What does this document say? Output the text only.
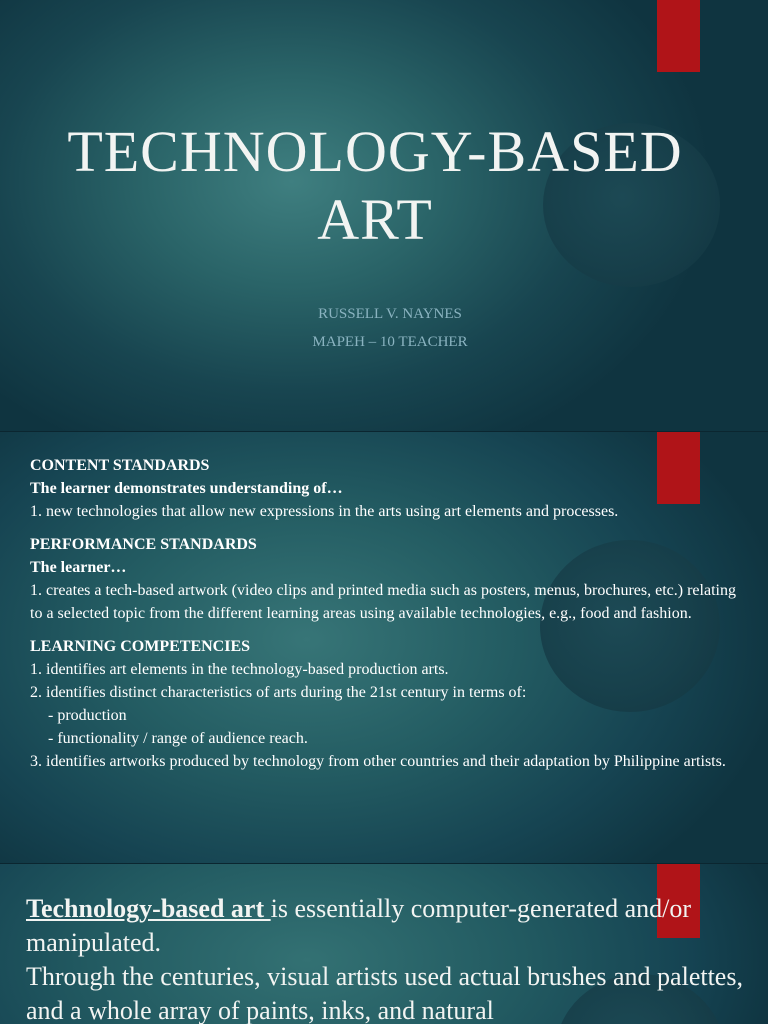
TECHNOLOGY-BASED
ART
RUSSELL V. NAYNES
MAPEH – 10 TEACHER
CONTENT STANDARDS
The learner demonstrates understanding of…
1. new technologies that allow new expressions in the arts using art elements and processes.
PERFORMANCE STANDARDS
The learner…
1. creates a tech-based artwork (video clips and printed media such as posters, menus, brochures, etc.) relating to a selected topic from the different learning areas using available technologies, e.g., food and fashion.
LEARNING COMPETENCIES
1. identifies art elements in the technology-based production arts.
2. identifies distinct characteristics of arts during the 21st century in terms of:
- production
- functionality / range of audience reach.
3. identifies artworks produced by technology from other countries and their adaptation by Philippine artists.
Technology-based art is essentially computer-generated and/or manipulated.
Through the centuries, visual artists used actual brushes and palettes, and a whole array of paints, inks, and natural
